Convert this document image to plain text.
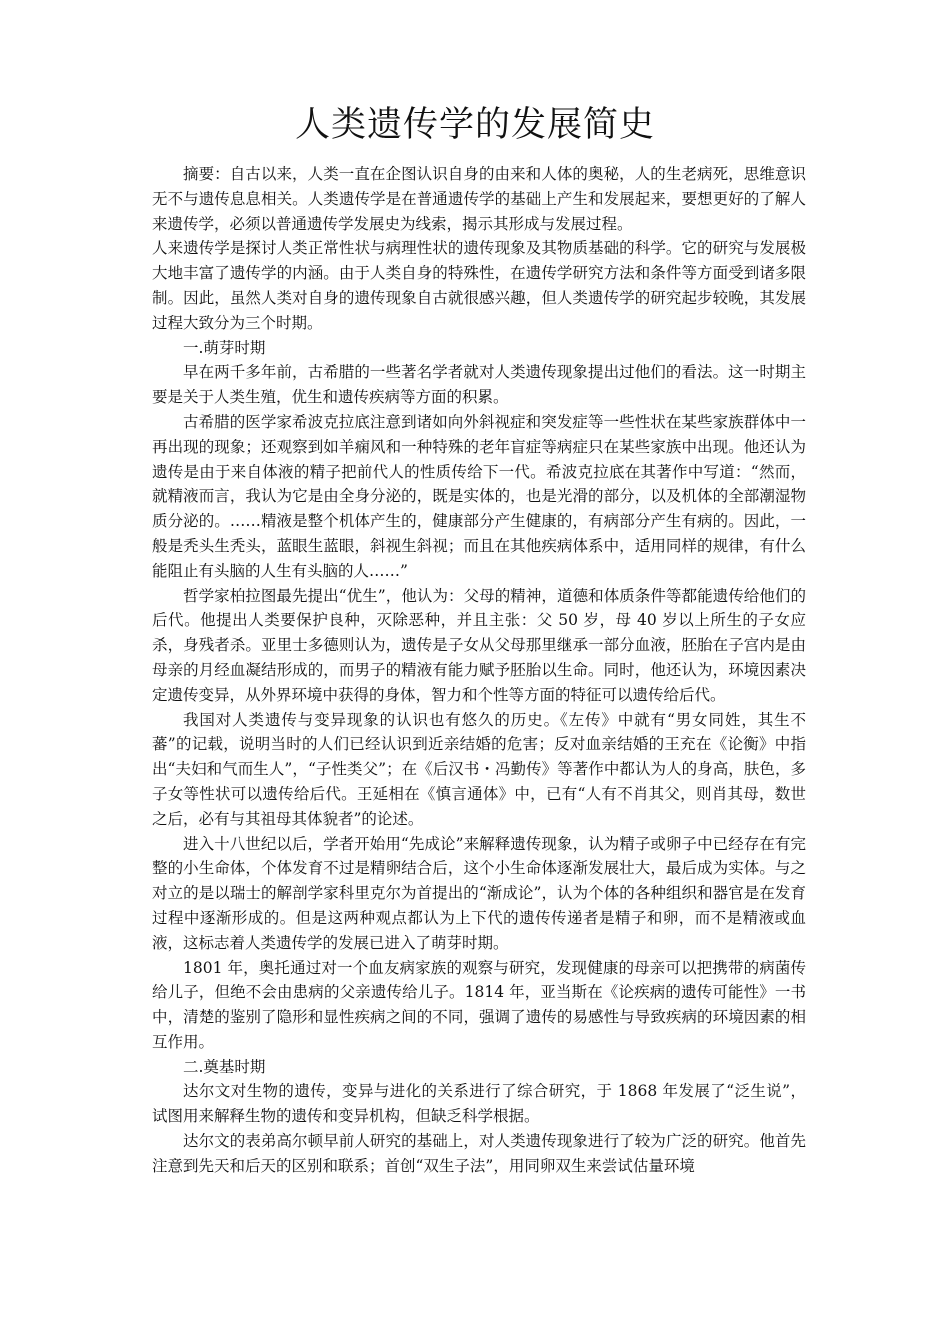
人类遗传学的发展简史

摘要：自古以来，人类一直在企图认识自身的由来和人体的奥秘，人的生老病死，思维意识无不与遗传息息相关。人类遗传学是在普通遗传学的基础上产生和发展起来，要想更好的了解人来遗传学，必须以普通遗传学发展史为线索，揭示其形成与发展过程。

人来遗传学是探讨人类正常性状与病理性状的遗传现象及其物质基础的科学。它的研究与发展极大地丰富了遗传学的内涵。由于人类自身的特殊性，在遗传学研究方法和条件等方面受到诸多限制。因此，虽然人类对自身的遗传现象自古就很感兴趣，但人类遗传学的研究起步较晚，其发展过程大致分为三个时期。

一.萌芽时期

早在两千多年前，古希腊的一些著名学者就对人类遗传现象提出过他们的看法。这一时期主要是关于人类生殖，优生和遗传疾病等方面的积累。

古希腊的医学家希波克拉底注意到诸如向外斜视症和突发症等一些性状在某些家族群体中一再出现的现象；还观察到如羊痫风和一种特殊的老年盲症等病症只在某些家族中出现。他还认为遗传是由于来自体液的精子把前代人的性质传给下一代。希波克拉底在其著作中写道：“然而，就精液而言，我认为它是由全身分泌的，既是实体的，也是光滑的部分，以及机体的全部潮湿物质分泌的。……精液是整个机体产生的，健康部分产生健康的，有病部分产生有病的。因此，一般是秃头生秃头，蓝眼生蓝眼，斜视生斜视；而且在其他疾病体系中，适用同样的规律，有什么能阻止有头脑的人生有头脑的人……”

哲学家柏拉图最先提出“优生”，他认为：父母的精神，道德和体质条件等都能遗传给他们的后代。他提出人类要保护良种，灭除恶种，并且主张：父 50 岁，母 40 岁以上所生的子女应杀，身残者杀。亚里士多德则认为，遗传是子女从父母那里继承一部分血液，胚胎在子宫内是由母亲的月经血凝结形成的，而男子的精液有能力赋予胚胎以生命。同时，他还认为，环境因素决定遗传变异，从外界环境中获得的身体，智力和个性等方面的特征可以遗传给后代。

我国对人类遗传与变异现象的认识也有悠久的历史。《左传》中就有“男女同姓，其生不蕃”的记载，说明当时的人们已经认识到近亲结婚的危害；反对血亲结婚的王充在《论衡》中指出“夫妇和气而生人”，“子性类父”；在《后汉书・冯勤传》等著作中都认为人的身高，肤色，多子女等性状可以遗传给后代。王延相在《慎言通体》中，已有“人有不肖其父，则肖其母，数世之后，必有与其祖母其体貌者”的论述。

进入十八世纪以后，学者开始用“先成论”来解释遗传现象，认为精子或卵子中已经存在有完整的小生命体，个体发育不过是精卵结合后，这个小生命体逐渐发展壮大，最后成为实体。与之对立的是以瑞士的解剖学家科里克尔为首提出的“渐成论”，认为个体的各种组织和器官是在发育过程中逐渐形成的。但是这两种观点都认为上下代的遗传传递者是精子和卵，而不是精液或血液，这标志着人类遗传学的发展已进入了萌芽时期。

1801 年，奥托通过对一个血友病家族的观察与研究，发现健康的母亲可以把携带的病菌传给儿子，但绝不会由患病的父亲遗传给儿子。1814 年，亚当斯在《论疾病的遗传可能性》一书中，清楚的鉴别了隐形和显性疾病之间的不同，强调了遗传的易感性与导致疾病的环境因素的相互作用。

二.奠基时期

达尔文对生物的遗传，变异与进化的关系进行了综合研究，于 1868 年发展了“泛生说”，试图用来解释生物的遗传和变异机构，但缺乏科学根据。

达尔文的表弟高尔顿早前人研究的基础上，对人类遗传现象进行了较为广泛的研究。他首先注意到先天和后天的区别和联系；首创“双生子法”，用同卵双生来尝试估量环境
